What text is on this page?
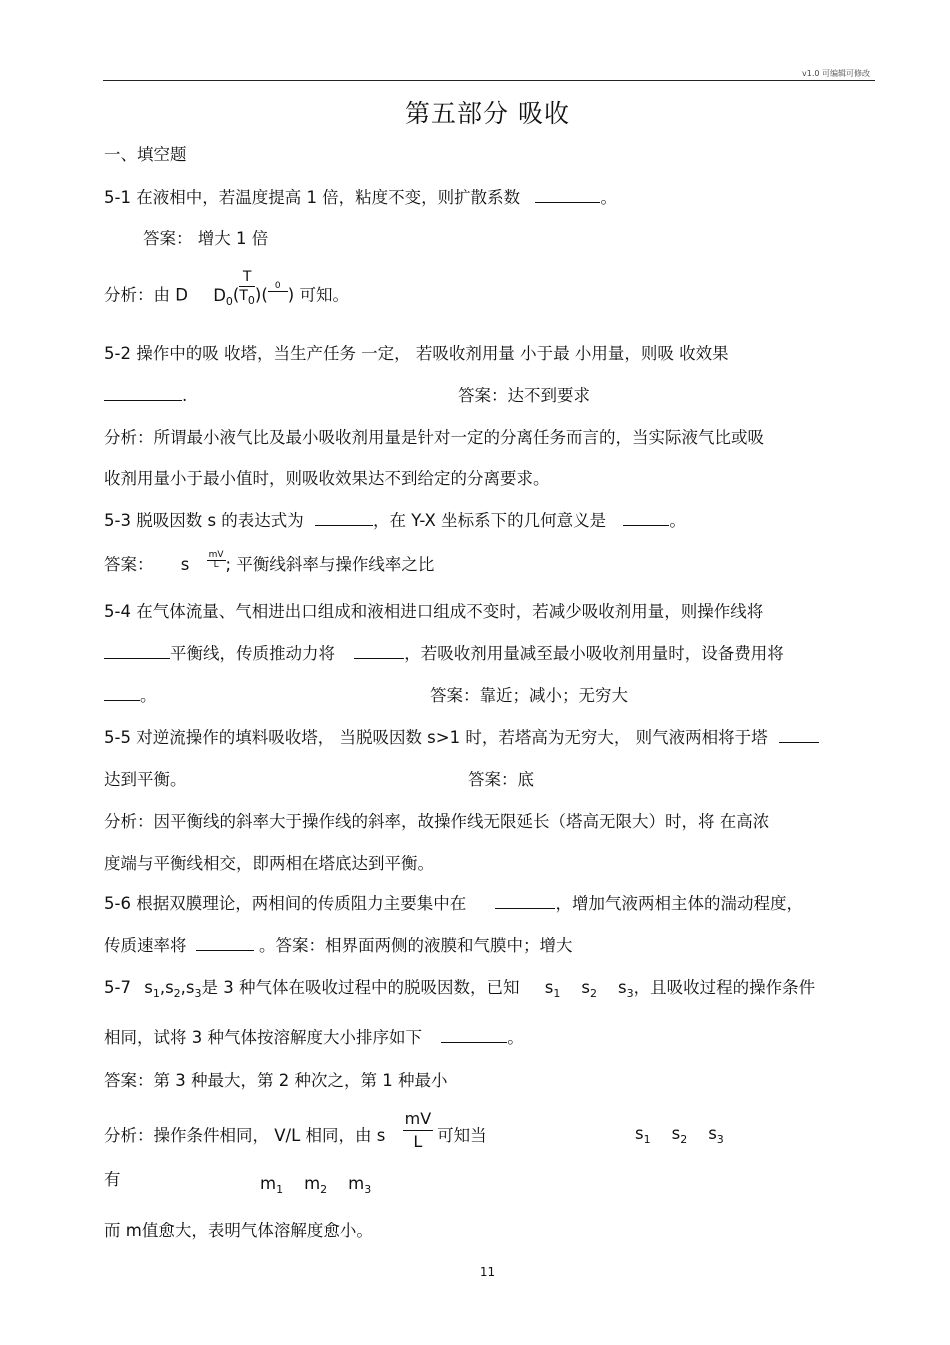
v1.0 可编辑可修改
第五部分 吸收
一、填空题
5-1 在液相中，若温度提高 1 倍，粘度不变，则扩散系数	。
答案： 增大 1 倍
分析：由 D $D_0( \frac{T}{T_0}$ )( 0
) 可知。
5-2 操作中的吸 收塔，当生产任务 一定， 若吸收剂用量 小于最 小用量，则吸 收效果
.	答案：达不到要求
分析：所谓最小液气比及最小吸收剂用量是针对一定的分离任务而言的，当实际液气比或吸
收剂用量小于最小值时，则吸收效果达不到给定的分离要求。
5-3 脱吸因数 s 的表达式为	，在 Y-X 坐标系下的几何意义是	。
答案： s $\frac{mV}{L}$ ; 平衡线斜率与操作线率之比
5-4 在气体流量、气相进出口组成和液相进口组成不变时，若减少吸收剂用量，则操作线将
平衡线，传质推动力将	，若吸收剂用量减至最小吸收剂用量时，设备费用将
。	答案：靠近；减小；无穷大
5-5 对逆流操作的填料吸收塔， 当脱吸因数 s>1 时，若塔高为无穷大， 则气液两相将于塔
达到平衡。	答案：底
分析：因平衡线的斜率大于操作线的斜率，故操作线无限延长（塔高无限大）时，将 在高浓
度端与平衡线相交，即两相在塔底达到平衡。
5-6 根据双膜理论，两相间的传质阻力主要集中在	，增加气液两相主体的湍动程度，
传质速率将	。答案：相界面两侧的液膜和气膜中；增大
5-7 $s_1,s_2,s_3$是 3 种气体在吸收过程中的脱吸因数，已知 $s_1$ $s_2$ $s_3$，且吸收过程的操作条件
相同，试将 3 种气体按溶解度大小排序如下	。
答案：第 3 种最大，第 2 种次之，第 1 种最小
分析：操作条件相同， V/L 相同，由 s $\frac{mV}{L}$ 可知当	$s_1$ $s_2$ $s_3$
有	$m_1$ $m_2$ $m_3$
而 m值愈大，表明气体溶解度愈小。
11
